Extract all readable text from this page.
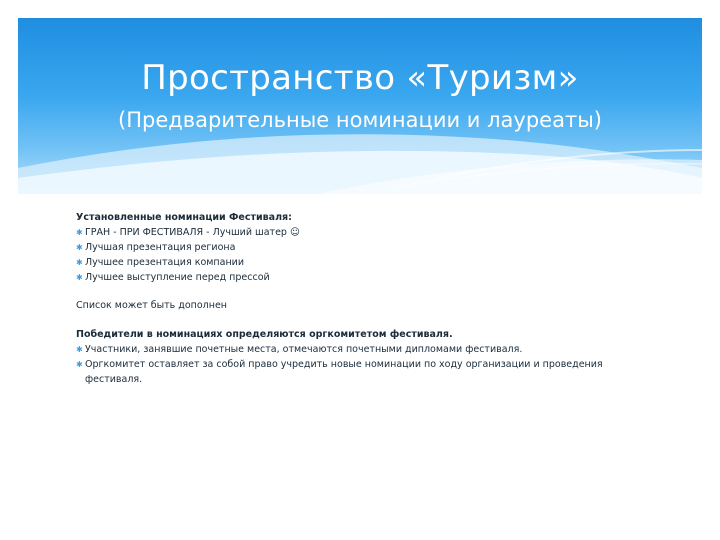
Пространство «Туризм»
(Предварительные номинации и лауреаты)
Установленные номинации Фестиваля:
✱ ГРАН - ПРИ ФЕСТИВАЛЯ - Лучший шатер ☺
✱ Лучшая презентация региона
✱ Лучшее презентация компании
✱ Лучшее выступление перед прессой
Список может быть дополнен
Победители в номинациях определяются оргкомитетом фестиваля.
✱ Участники, занявшие почетные места, отмечаются почетными дипломами фестиваля.
✱ Оргкомитет оставляет за собой право учредить новые номинации по ходу организации и проведения фестиваля.
